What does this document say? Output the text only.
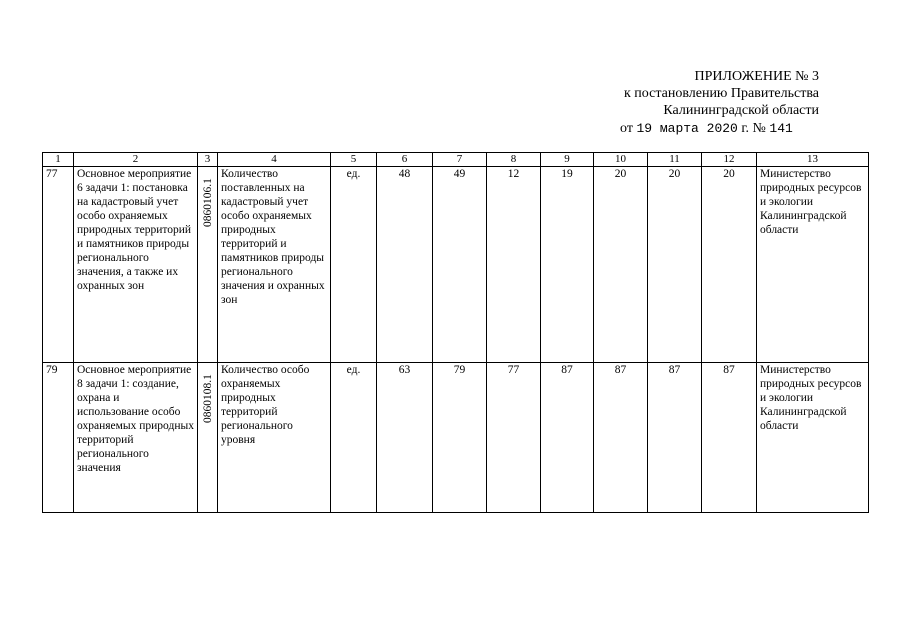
ПРИЛОЖЕНИЕ № 3
к постановлению Правительства
Калининградской области
от 19 марта 2020 г. № 141
1	2	3	4	5	6	7	8	9	10	11	12	13
77	Основное мероприятие 6 задачи 1: постановка на кадастровый учет особо охраняемых природных территорий и памятников природы регионального значения, а также их охранных зон	0860106.1	Количество поставленных на кадастровый учет особо охраняемых природных территорий и памятников природы регионального значения и охранных зон	ед.	48	49	12	19	20	20	20	Министерство природных ресурсов и экологии Калининградской области
79	Основное мероприятие 8 задачи 1: создание, охрана и использование особо охраняемых природных территорий регионального значения	0860108.1	Количество особо охраняемых природных территорий регионального уровня	ед.	63	79	77	87	87	87	87	Министерство природных ресурсов и экологии Калининградской области
